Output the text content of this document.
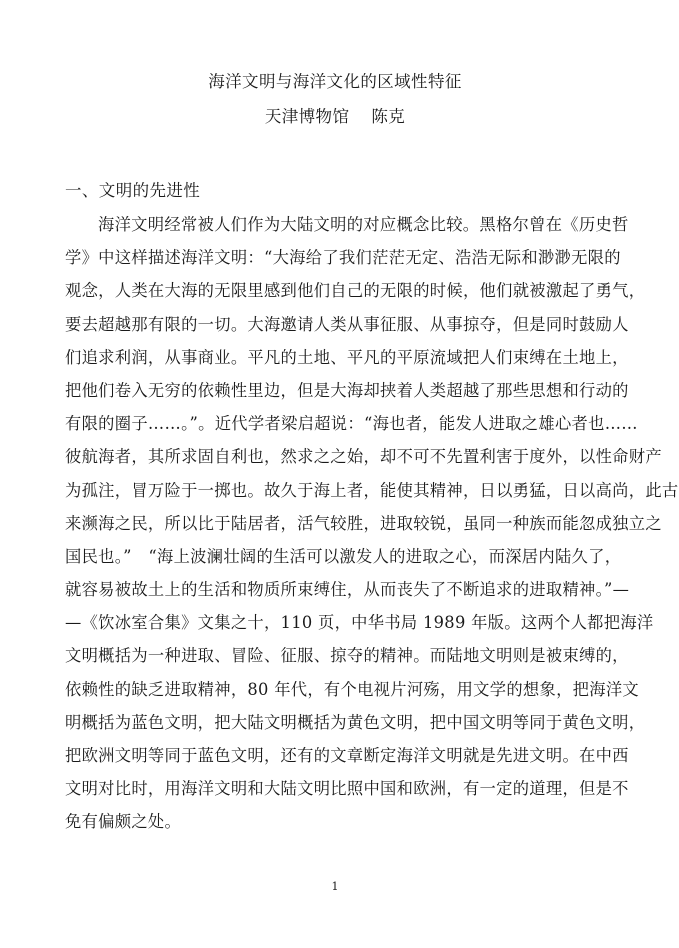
海洋文明与海洋文化的区域性特征
天津博物馆 陈克
一、文明的先进性
海洋文明经常被人们作为大陆文明的对应概念比较。黑格尔曾在《历史哲
学》中这样描述海洋文明：“大海给了我们茫茫无定、浩浩无际和渺渺无限的
观念，人类在大海的无限里感到他们自己的无限的时候，他们就被激起了勇气，
要去超越那有限的一切。大海邀请人类从事征服、从事掠夺，但是同时鼓励人
们追求利润，从事商业。平凡的土地、平凡的平原流域把人们束缚在土地上，
把他们卷入无穷的依赖性里边，但是大海却挟着人类超越了那些思想和行动的
有限的圈子……。”。近代学者梁启超说：“海也者，能发人进取之雄心者也……
彼航海者，其所求固自利也，然求之之始，却不可不先置利害于度外，以性命财产
为孤注，冒万险于一掷也。故久于海上者，能使其精神，日以勇猛，日以高尚，此古
来濒海之民，所以比于陆居者，活气较胜，进取较锐，虽同一种族而能忽成独立之
国民也。”　“海上波澜壮阔的生活可以激发人的进取之心，而深居内陆久了，
就容易被故土上的生活和物质所束缚住，从而丧失了不断追求的进取精神。”—
—《饮冰室合集》文集之十，110 页，中华书局 1989 年版。这两个人都把海洋
文明概括为一种进取、冒险、征服、掠夺的精神。而陆地文明则是被束缚的，
依赖性的缺乏进取精神，80 年代，有个电视片河殇，用文学的想象，把海洋文
明概括为蓝色文明，把大陆文明概括为黄色文明，把中国文明等同于黄色文明，
把欧洲文明等同于蓝色文明，还有的文章断定海洋文明就是先进文明。在中西
文明对比时，用海洋文明和大陆文明比照中国和欧洲，有一定的道理，但是不
免有偏颇之处。
1
